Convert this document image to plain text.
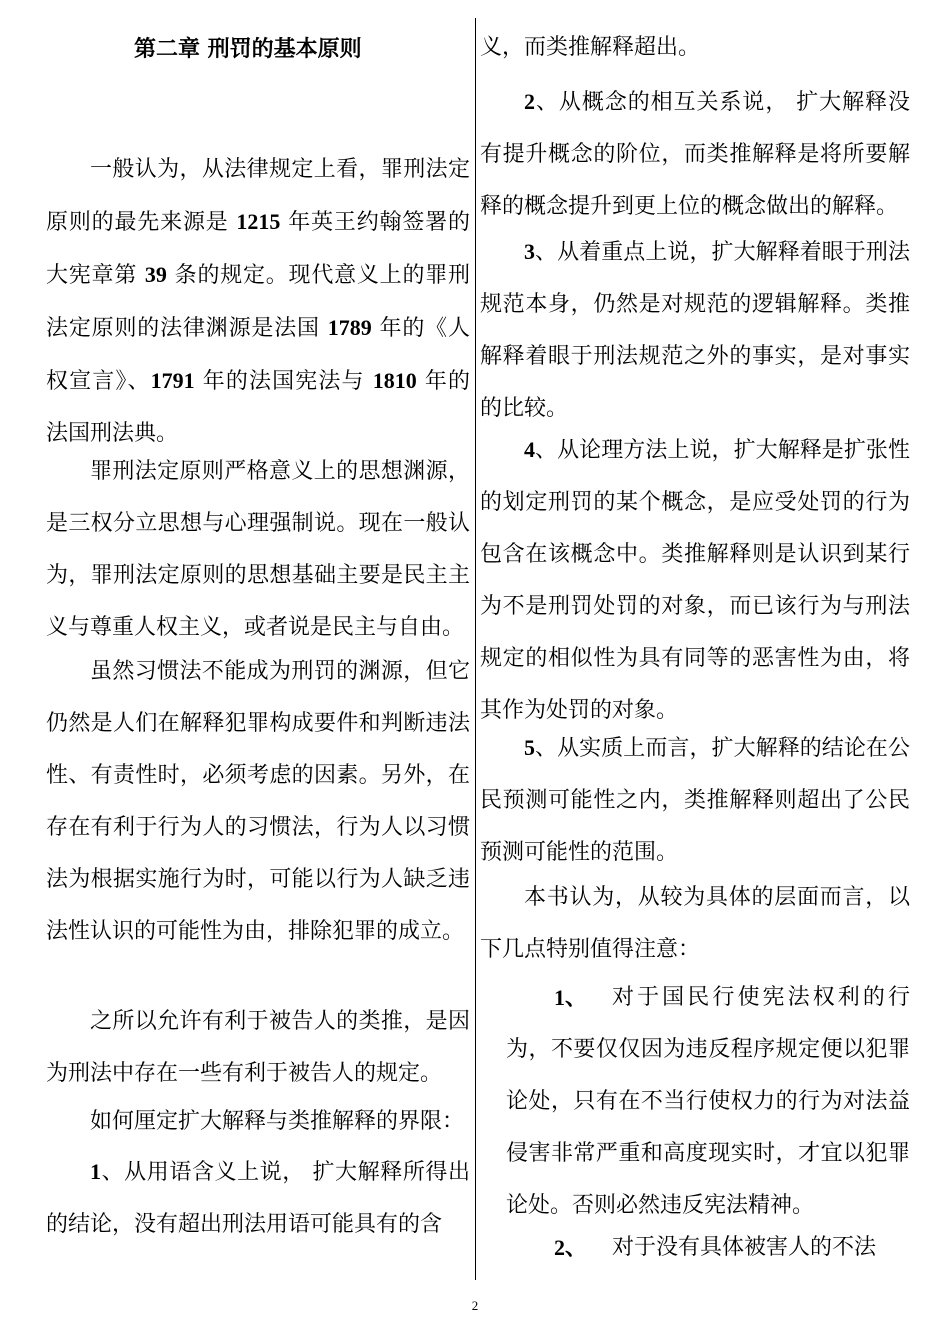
第二章 刑罚的基本原则

一般认为，从法律规定上看，罪刑法定原则的最先来源是 1215 年英王约翰签署的大宪章第 39 条的规定。现代意义上的罪刑法定原则的法律渊源是法国 1789 年的《人权宣言》、1791 年的法国宪法与 1810 年的法国刑法典。

罪刑法定原则严格意义上的思想渊源，是三权分立思想与心理强制说。现在一般认为，罪刑法定原则的思想基础主要是民主主义与尊重人权主义，或者说是民主与自由。

虽然习惯法不能成为刑罚的渊源，但它仍然是人们在解释犯罪构成要件和判断违法性、有责性时，必须考虑的因素。另外，在存在有利于行为人的习惯法，行为人以习惯法为根据实施行为时，可能以行为人缺乏违法性认识的可能性为由，排除犯罪的成立。

之所以允许有利于被告人的类推，是因为刑法中存在一些有利于被告人的规定。

如何厘定扩大解释与类推解释的界限：

1、从用语含义上说， 扩大解释所得出的结论，没有超出刑法用语可能具有的含

义，而类推解释超出。

2、从概念的相互关系说， 扩大解释没有提升概念的阶位，而类推解释是将所要解释的概念提升到更上位的概念做出的解释。

3、从着重点上说，扩大解释着眼于刑法规范本身，仍然是对规范的逻辑解释。类推解释着眼于刑法规范之外的事实，是对事实的比较。

4、从论理方法上说，扩大解释是扩张性的划定刑罚的某个概念，是应受处罚的行为包含在该概念中。类推解释则是认识到某行为不是刑罚处罚的对象，而已该行为与刑法规定的相似性为具有同等的恶害性为由，将其作为处罚的对象。

5、从实质上而言，扩大解释的结论在公民预测可能性之内，类推解释则超出了公民预测可能性的范围。

本书认为，从较为具体的层面而言，以下几点特别值得注意：

1、	对于国民行使宪法权利的行为，不要仅仅因为违反程序规定便以犯罪论处，只有在不当行使权力的行为对法益侵害非常严重和高度现实时，才宜以犯罪论处。否则必然违反宪法精神。

2、	对于没有具体被害人的不法

2
